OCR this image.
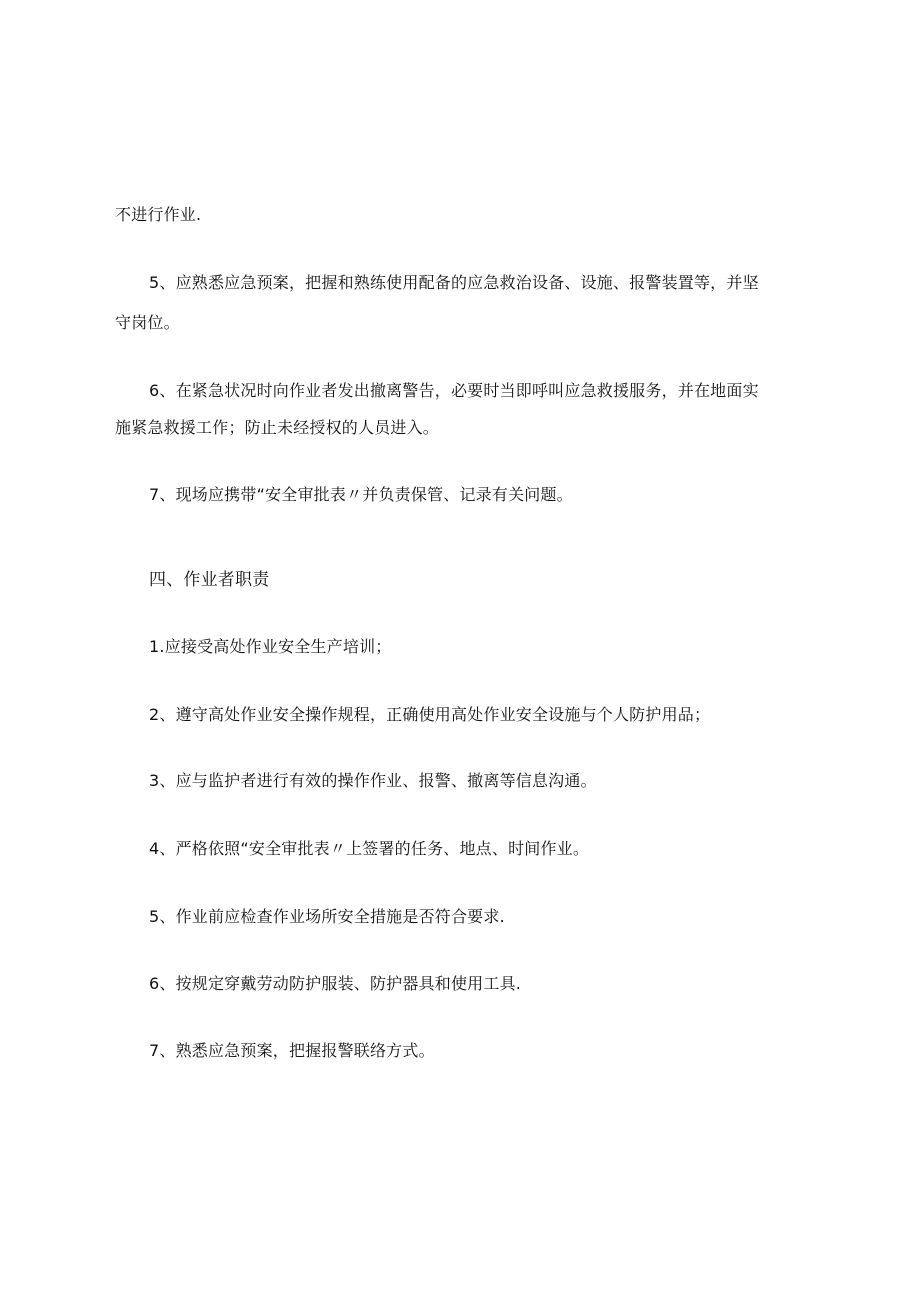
不进行作业.
5、应熟悉应急预案，把握和熟练使用配备的应急救治设备、设施、报警装置等，并坚
守岗位。
6、在紧急状况时向作业者发出撤离警告，必要时当即呼叫应急救援服务，并在地面实
施紧急救援工作；防止未经授权的人员进入。
7、现场应携带“安全审批表〃并负责保管、记录有关问题。
四、作业者职责
1.应接受高处作业安全生产培训；
2、遵守高处作业安全操作规程，正确使用高处作业安全设施与个人防护用品；
3、应与监护者进行有效的操作作业、报警、撤离等信息沟通。
4、严格依照“安全审批表〃上签署的任务、地点、时间作业。
5、作业前应检查作业场所安全措施是否符合要求.
6、按规定穿戴劳动防护服装、防护器具和使用工具.
7、熟悉应急预案，把握报警联络方式。
